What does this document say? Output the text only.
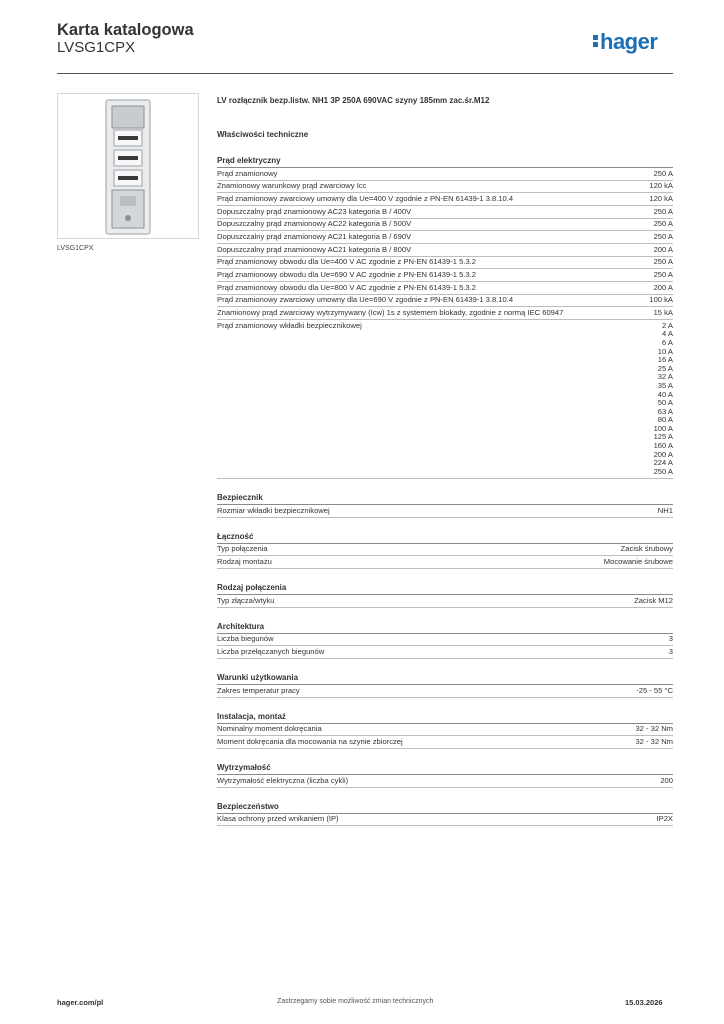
Karta katalogowa
LVSG1CPX	hager
LVSG1CPX
LV rozłącznik bezp.listw. NH1 3P 250A 690VAC szyny 185mm zac.śr.M12
Właściwości techniczne
Prąd elektryczny
Prąd znamionowy	250 A
Znamionowy warunkowy prąd zwarciowy Icc	120 kA
Prąd znamionowy zwarciowy umowny dla Ue=400 V zgodnie z PN-EN 61439-1 3.8.10.4	120 kA
Dopuszczalny prąd znamionowy AC23 kategoria B / 400V	250 A
Dopuszczalny prąd znamionowy AC22 kategoria B / 500V	250 A
Dopuszczalny prąd znamionowy AC21 kategoria B / 690V	250 A
Dopuszczalny prąd znamionowy AC21 kategoria B / 800V	200 A
Prąd znamionowy obwodu dla Ue=400 V AC zgodnie z PN-EN 61439-1 5.3.2	250 A
Prąd znamionowy obwodu dla Ue=690 V AC zgodnie z PN-EN 61439-1 5.3.2	250 A
Prąd znamionowy obwodu dla Ue=800 V AC zgodnie z PN-EN 61439-1 5.3.2	200 A
Prąd znamionowy zwarciowy umowny dla Ue=690 V zgodnie z PN-EN 61439-1 3.8.10.4	100 kA
Znamionowy prąd zwarciowy wytrzymywany (Icw) 1s z systemem blokady, zgodnie z normą IEC 60947	15 kA
Prąd znamionowy wkładki bezpiecznikowej	2 A
4 A
6 A
10 A
16 A
25 A
32 A
35 A
40 A
50 A
63 A
80 A
100 A
125 A
160 A
200 A
224 A
250 A
Bezpiecznik
Rozmiar wkładki bezpiecznikowej	NH1
Łączność
Typ połączenia	Zacisk śrubowy
Rodzaj montażu	Mocowanie śrubowe
Rodzaj połączenia
Typ złącza/wtyku	Zacisk M12
Architektura
Liczba biegunów	3
Liczba przełączanych biegunów	3
Warunki użytkowania
Zakres temperatur pracy	-25 - 55 °C
Instalacja, montaż
Nominalny moment dokręcania	32 - 32 Nm
Moment dokręcania dla mocowania na szynie zbiorczej	32 - 32 Nm
Wytrzymałość
Wytrzymałość elektryczna (liczba cykli)	200
Bezpieczeństwo
Klasa ochrony przed wnikaniem (IP)	IP2X
hager.com/pl	Zastrzegamy sobie możliwość zmian technicznych	15.03.2026
